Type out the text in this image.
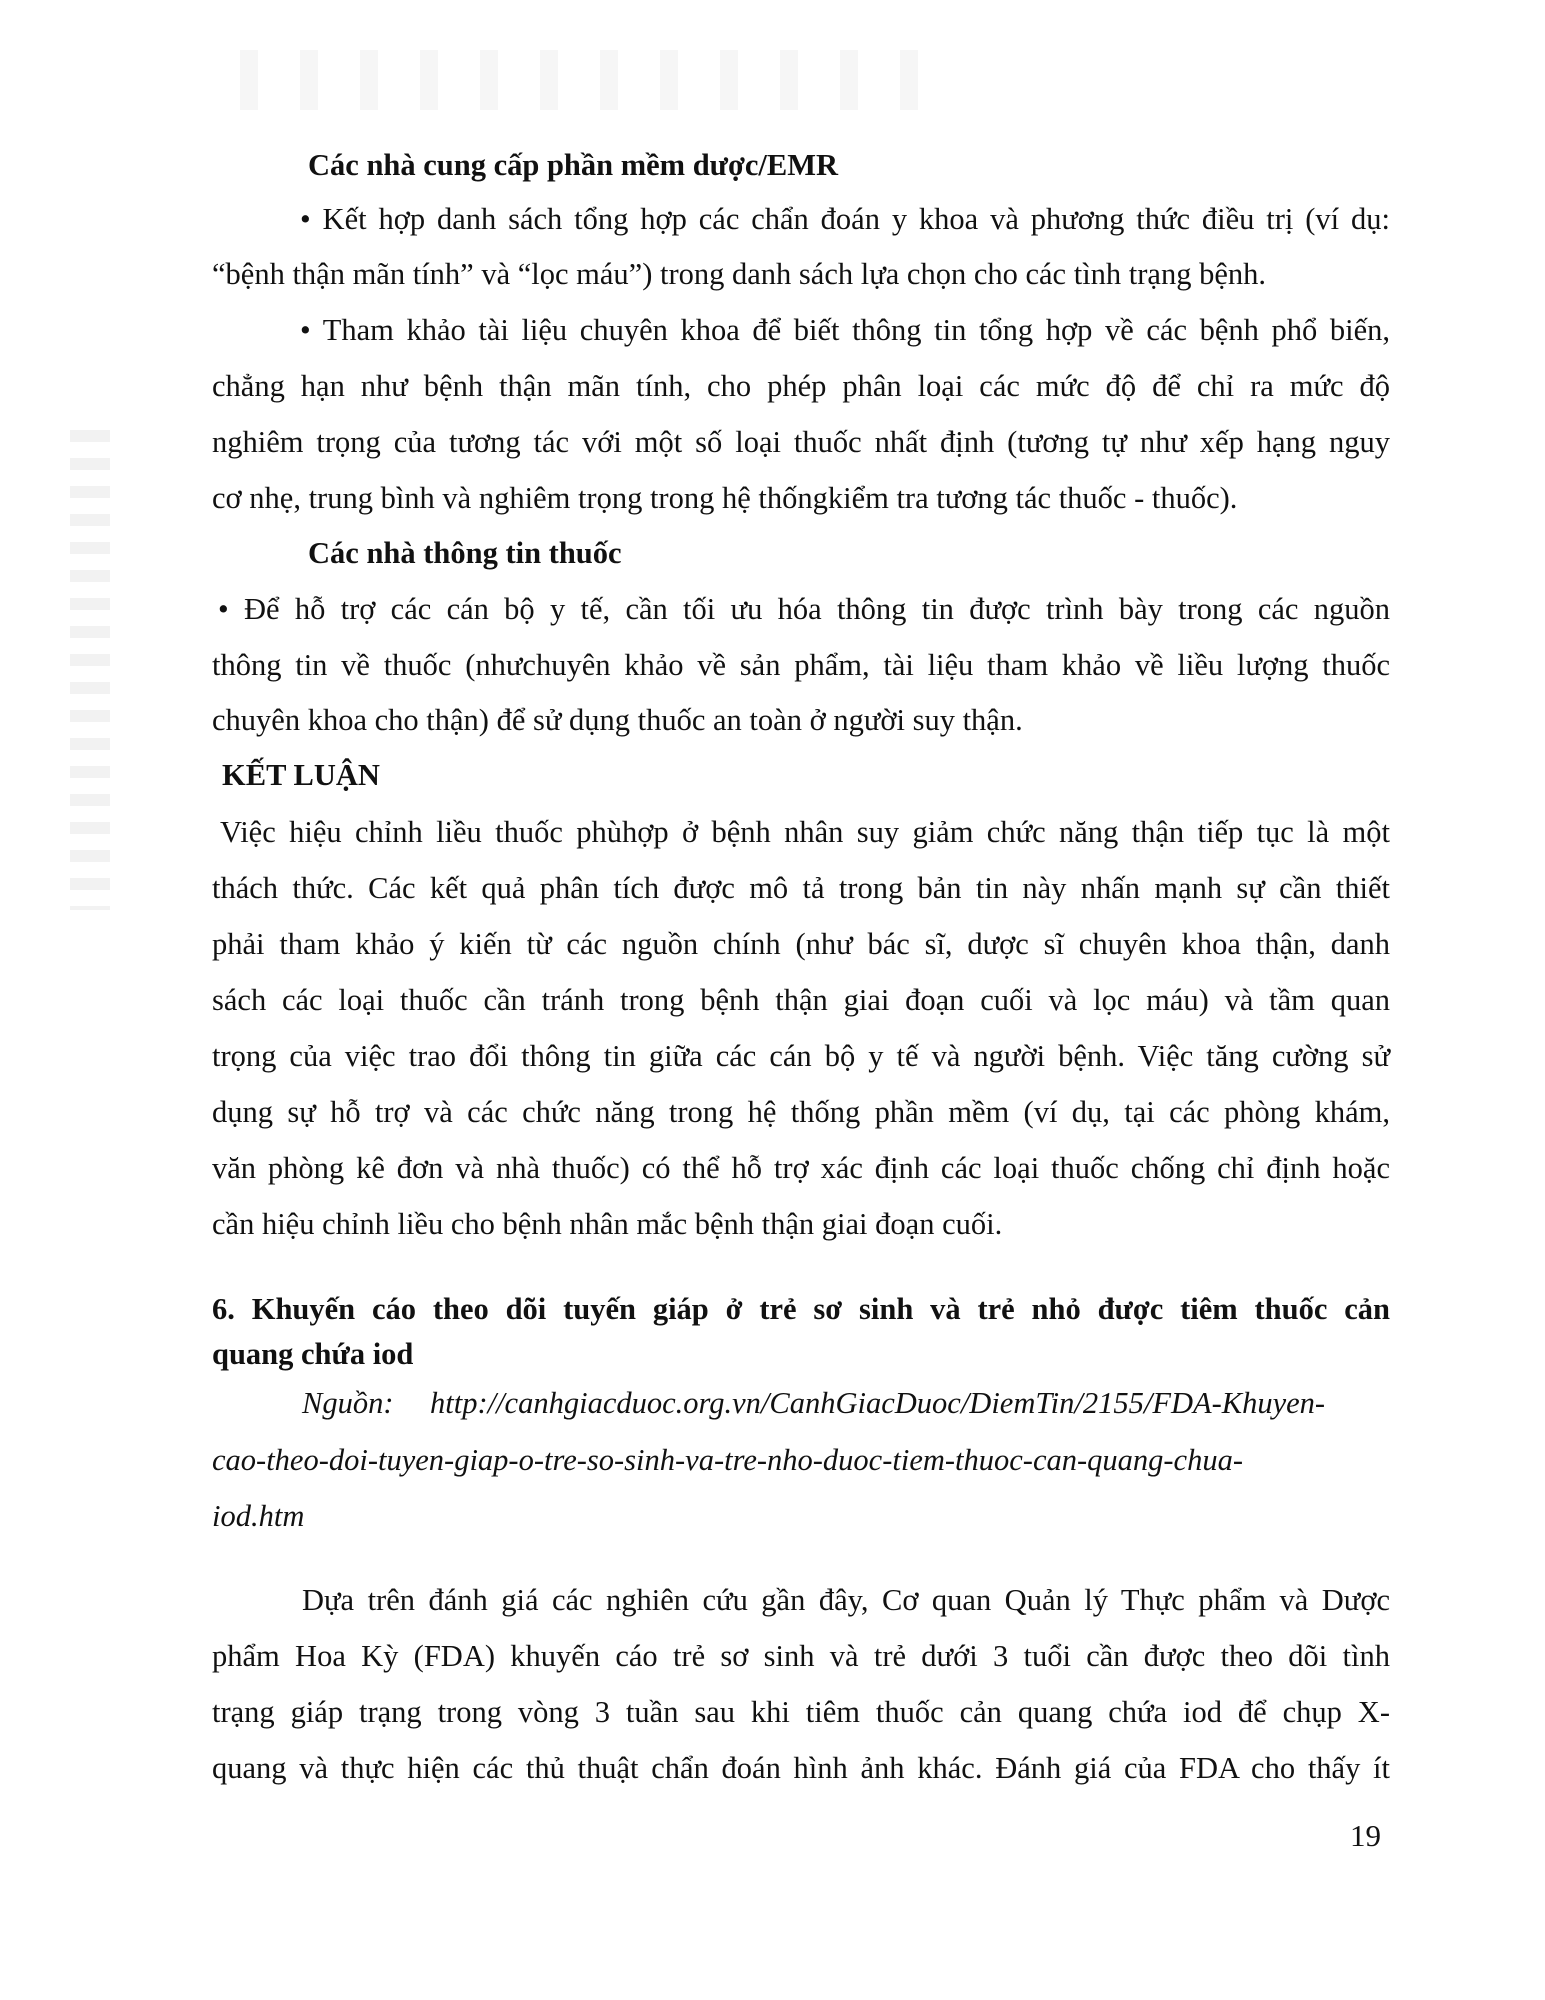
Các nhà cung cấp phần mềm dược/EMR
• Kết hợp danh sách tổng hợp các chẩn đoán y khoa và phương thức điều trị (ví dụ:
“bệnh thận mãn tính” và “lọc máu”) trong danh sách lựa chọn cho các tình trạng bệnh.
• Tham khảo tài liệu chuyên khoa để biết thông tin tổng hợp về các bệnh phổ biến,
chẳng hạn như bệnh thận mãn tính, cho phép phân loại các mức độ để chỉ ra mức độ
nghiêm trọng của tương tác với một số loại thuốc nhất định (tương tự như xếp hạng nguy
cơ nhẹ, trung bình và nghiêm trọng trong hệ thốngkiểm tra tương tác thuốc - thuốc).
Các nhà thông tin thuốc
• Để hỗ trợ các cán bộ y tế, cần tối ưu hóa thông tin được trình bày trong các nguồn
thông tin về thuốc (nhưchuyên khảo về sản phẩm, tài liệu tham khảo về liều lượng thuốc
chuyên khoa cho thận) để sử dụng thuốc an toàn ở người suy thận.
KẾT LUẬN
Việc hiệu chỉnh liều thuốc phùhợp ở bệnh nhân suy giảm chức năng thận tiếp tục là một
thách thức. Các kết quả phân tích được mô tả trong bản tin này nhấn mạnh sự cần thiết
phải tham khảo ý kiến từ các nguồn chính (như bác sĩ, dược sĩ chuyên khoa thận, danh
sách các loại thuốc cần tránh trong bệnh thận giai đoạn cuối và lọc máu) và tầm quan
trọng của việc trao đổi thông tin giữa các cán bộ y tế và người bệnh. Việc tăng cường sử
dụng sự hỗ trợ và các chức năng trong hệ thống phần mềm (ví dụ, tại các phòng khám,
văn phòng kê đơn và nhà thuốc) có thể hỗ trợ xác định các loại thuốc chống chỉ định hoặc
cần hiệu chỉnh liều cho bệnh nhân mắc bệnh thận giai đoạn cuối.
6. Khuyến cáo theo dõi tuyến giáp ở trẻ sơ sinh và trẻ nhỏ được tiêm thuốc cản
quang chứa iod
Nguồn:	http://canhgiacduoc.org.vn/CanhGiacDuoc/DiemTin/2155/FDA-Khuyen-
cao-theo-doi-tuyen-giap-o-tre-so-sinh-va-tre-nho-duoc-tiem-thuoc-can-quang-chua-
iod.htm
Dựa trên đánh giá các nghiên cứu gần đây, Cơ quan Quản lý Thực phẩm và Dược
phẩm Hoa Kỳ (FDA) khuyến cáo trẻ sơ sinh và trẻ dưới 3 tuổi cần được theo dõi tình
trạng giáp trạng trong vòng 3 tuần sau khi tiêm thuốc cản quang chứa iod để chụp X-
quang và thực hiện các thủ thuật chẩn đoán hình ảnh khác. Đánh giá của FDA cho thấy ít
19
